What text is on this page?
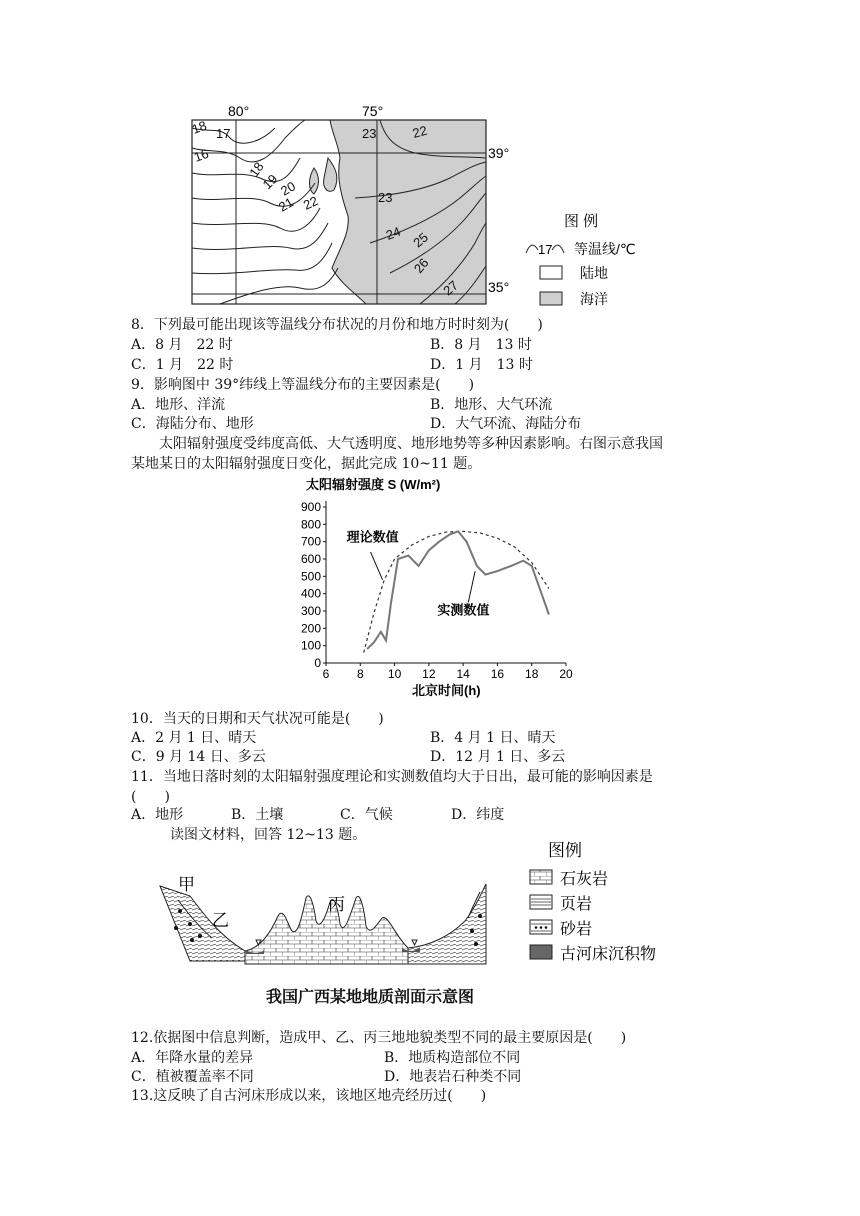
80°	75°
39°
35°
18 17
16
18
19
20
21 22
23	22
23
24 25
26
27
图 例
17 等温线/℃
陆地
海洋
8．下列最可能出现该等温线分布状况的月份和地方时时刻为(　　)
A．8 月　22 时	B．8 月　13 时
C．1 月　22 时	D．1 月　13 时
9．影响图中 39°纬线上等温线分布的主要因素是(　　)
A．地形、洋流	B．地形、大气环流
C．海陆分布、地形	D．大气环流、海陆分布
太阳辐射强度受纬度高低、大气透明度、地形地势等多种因素影响。右图示意我国
某地某日的太阳辐射强度日变化，据此完成 10~11 题。
太阳辐射强度 S (W/m²)
0
100
200
300
400
500
600
700
800
900
6 8 10 12 14 16 18 20
理论数值
实测数值
北京时间(h)
10．当天的日期和天气状况可能是(　　)
A．2 月 1 日、晴天	B．4 月 1 日、晴天
C．9 月 14 日、多云	D．12 月 1 日、多云
11．当地日落时刻的太阳辐射强度理论和实测数值均大于日出，最可能的影响因素是
(　　)
A．地形	B．土壤	C．气候	D．纬度
读图文材料，回答 12~13 题。
甲
乙
丙
图例
石灰岩
页岩
砂岩
古河床沉积物
我国广西某地地质剖面示意图
12.依据图中信息判断，造成甲、乙、丙三地地貌类型不同的最主要原因是(　　)
A．年降水量的差异	B．地质构造部位不同
C．植被覆盖率不同	D．地表岩石种类不同
13.这反映了自古河床形成以来，该地区地壳经历过(　　)
